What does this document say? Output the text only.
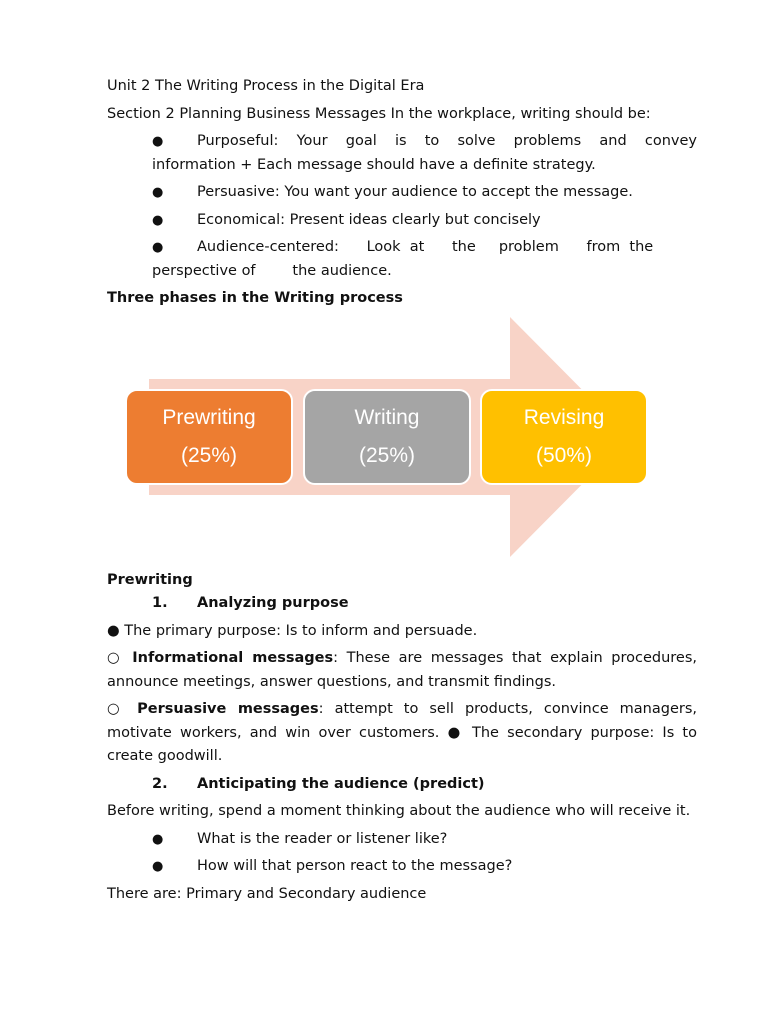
Unit 2 The Writing Process in the Digital Era

Section 2 Planning Business Messages In the workplace, writing should be:

● Purposeful: Your goal is to solve problems and convey
information + Each message should have a definite strategy.
● Persuasive: You want your audience to accept the message.
● Economical: Present ideas clearly but concisely
● Audience-centered:      Look  at      the     problem      from  the
perspective of        the audience.

Three phases in the Writing process

Prewriting
(25%)
Writing
(25%)
Revising
(50%)

Prewriting

1. Analyzing purpose

● The primary purpose: Is to inform and persuade.

○ Informational messages: These are messages that explain procedures, announce meetings, answer questions, and transmit findings.

○ Persuasive messages: attempt to sell products, convince managers, motivate workers, and win over customers. ● The secondary purpose: Is to create goodwill.

2. Anticipating the audience (predict)

Before writing, spend a moment thinking about the audience who will receive it.

● What is the reader or listener like?
● How will that person react to the message?

There are: Primary and Secondary audience
